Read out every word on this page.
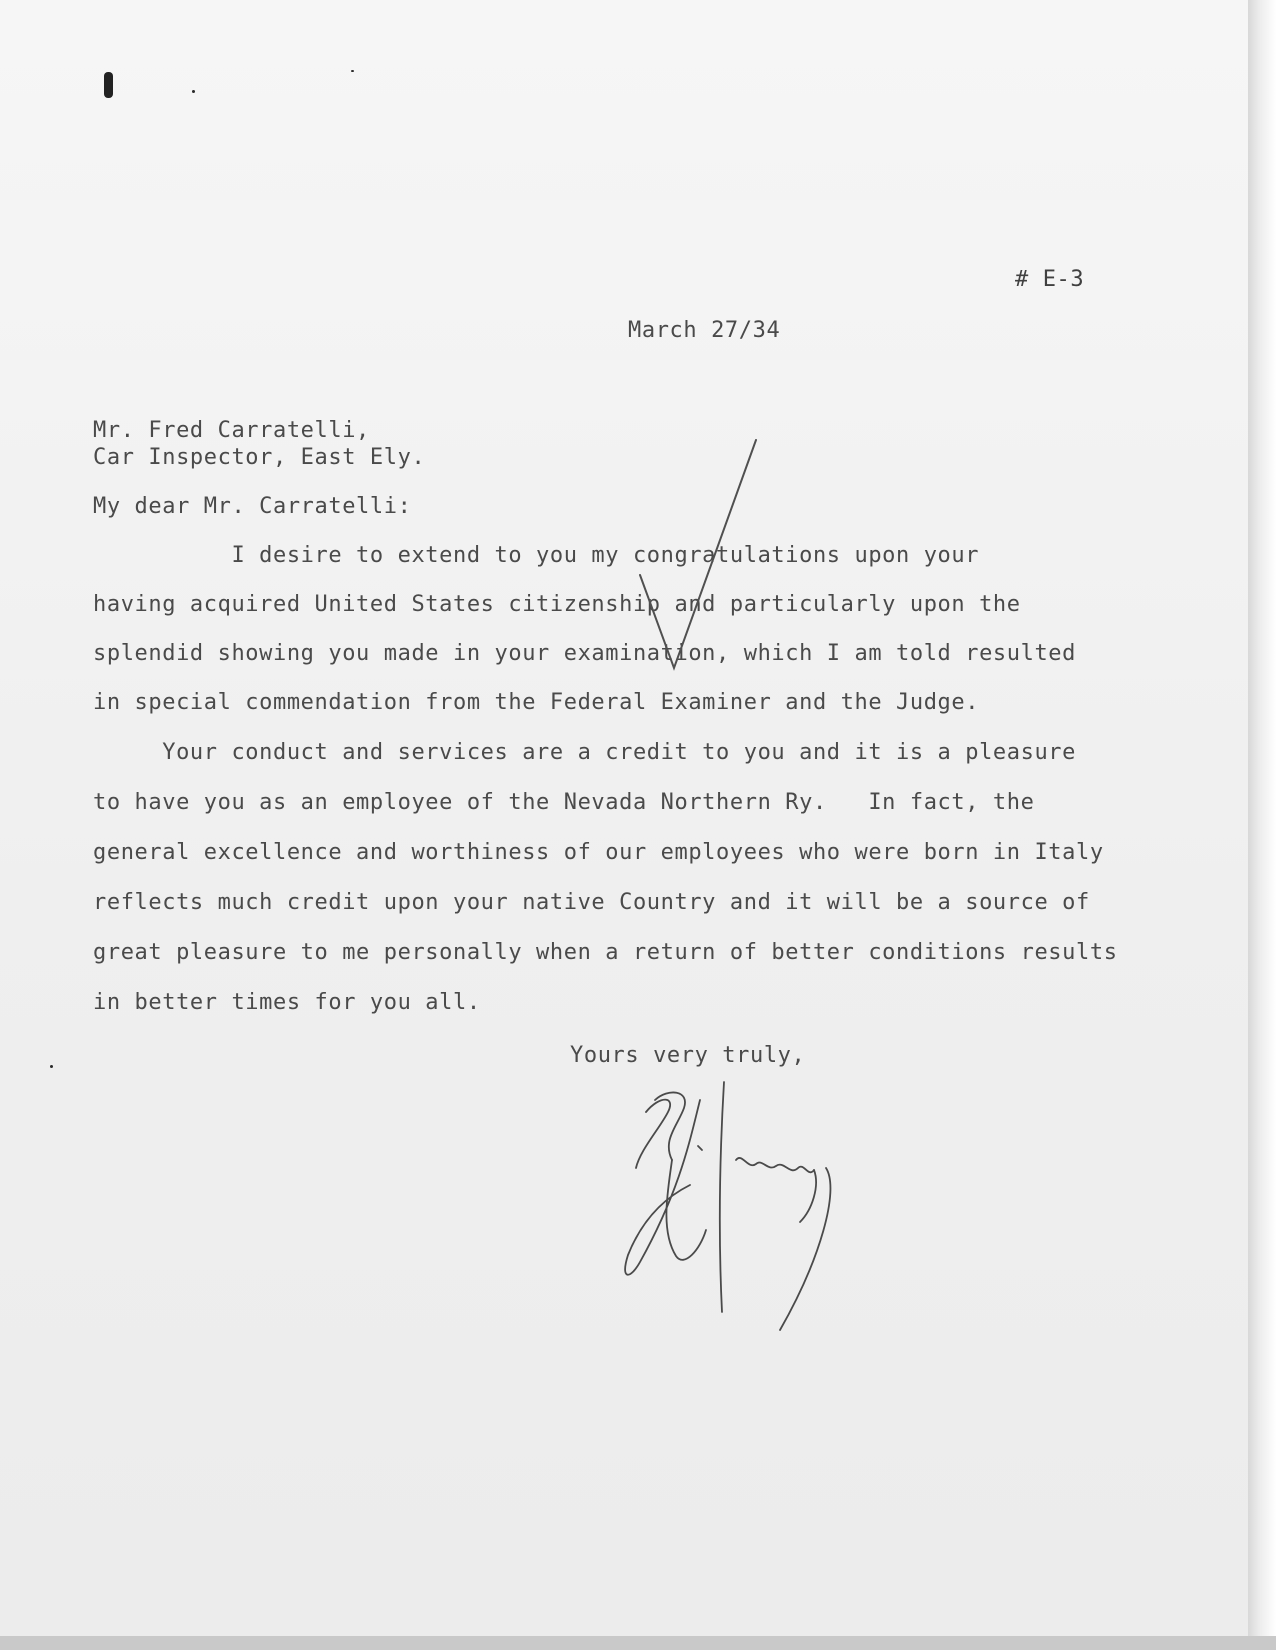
# E-3
March 27/34
Mr. Fred Carratelli,
Car Inspector, East Ely.
My dear Mr. Carratelli:
I desire to extend to you my congratulations upon your
having acquired United States citizenship and particularly upon the
splendid showing you made in your examination, which I am told resulted
in special commendation from the Federal Examiner and the Judge.
Your conduct and services are a credit to you and it is a pleasure
to have you as an employee of the Nevada Northern Ry.   In fact, the
general excellence and worthiness of our employees who were born in Italy
reflects much credit upon your native Country and it will be a source of
great pleasure to me personally when a return of better conditions results
in better times for you all.
Yours very truly,
